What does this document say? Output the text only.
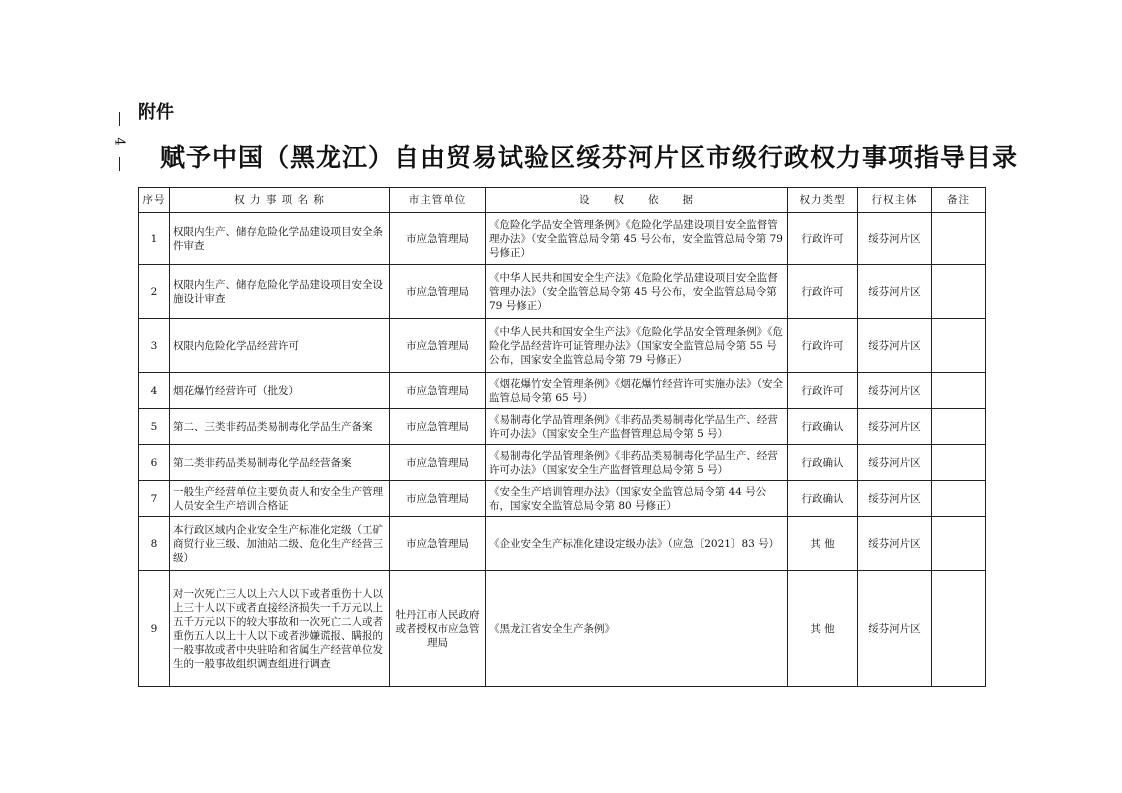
附件
4
赋予中国（黑龙江）自由贸易试验区绥芬河片区市级行政权力事项指导目录
序号	权 力 事 项 名 称	市主管单位	设　　权　　依　　据	权力类型	行权主体	备注
1	权限内生产、储存危险化学品建设项目安全条件审查	市应急管理局	《危险化学品安全管理条例》《危险化学品建设项目安全监督管理办法》（安全监管总局令第 45 号公布，安全监管总局令第 79 号修正）	行政许可	绥芬河片区	
2	权限内生产、储存危险化学品建设项目安全设施设计审查	市应急管理局	《中华人民共和国安全生产法》《危险化学品建设项目安全监督管理办法》（安全监管总局令第 45 号公布，安全监管总局令第 79 号修正）	行政许可	绥芬河片区	
3	权限内危险化学品经营许可	市应急管理局	《中华人民共和国安全生产法》《危险化学品安全管理条例》《危险化学品经营许可证管理办法》（国家安全监管总局令第 55 号公布，国家安全监管总局令第 79 号修正）	行政许可	绥芬河片区	
4	烟花爆竹经营许可（批发）	市应急管理局	《烟花爆竹安全管理条例》《烟花爆竹经营许可实施办法》（安全监管总局令第 65 号）	行政许可	绥芬河片区	
5	第二、三类非药品类易制毒化学品生产备案	市应急管理局	《易制毒化学品管理条例》《非药品类易制毒化学品生产、经营许可办法》（国家安全生产监督管理总局令第 5 号）	行政确认	绥芬河片区	
6	第二类非药品类易制毒化学品经营备案	市应急管理局	《易制毒化学品管理条例》《非药品类易制毒化学品生产、经营许可办法》（国家安全生产监督管理总局令第 5 号）	行政确认	绥芬河片区	
7	一般生产经营单位主要负责人和安全生产管理人员安全生产培训合格证	市应急管理局	《安全生产培训管理办法》（国家安全监管总局令第 44 号公布，国家安全监管总局令第 80 号修正）	行政确认	绥芬河片区	
8	本行政区域内企业安全生产标准化定级（工矿商贸行业三级、加油站二级、危化生产经营三级）	市应急管理局	《企业安全生产标准化建设定级办法》（应急〔2021〕83 号）	其 他	绥芬河片区	
9	对一次死亡三人以上六人以下或者重伤十人以上三十人以下或者直接经济损失一千万元以上五千万元以下的较大事故和一次死亡二人或者重伤五人以上十人以下或者涉嫌谎报、瞒报的一般事故或者中央驻哈和省属生产经营单位发生的一般事故组织调查组进行调查	牡丹江市人民政府或者授权市应急管理局	《黑龙江省安全生产条例》	其 他	绥芬河片区	
